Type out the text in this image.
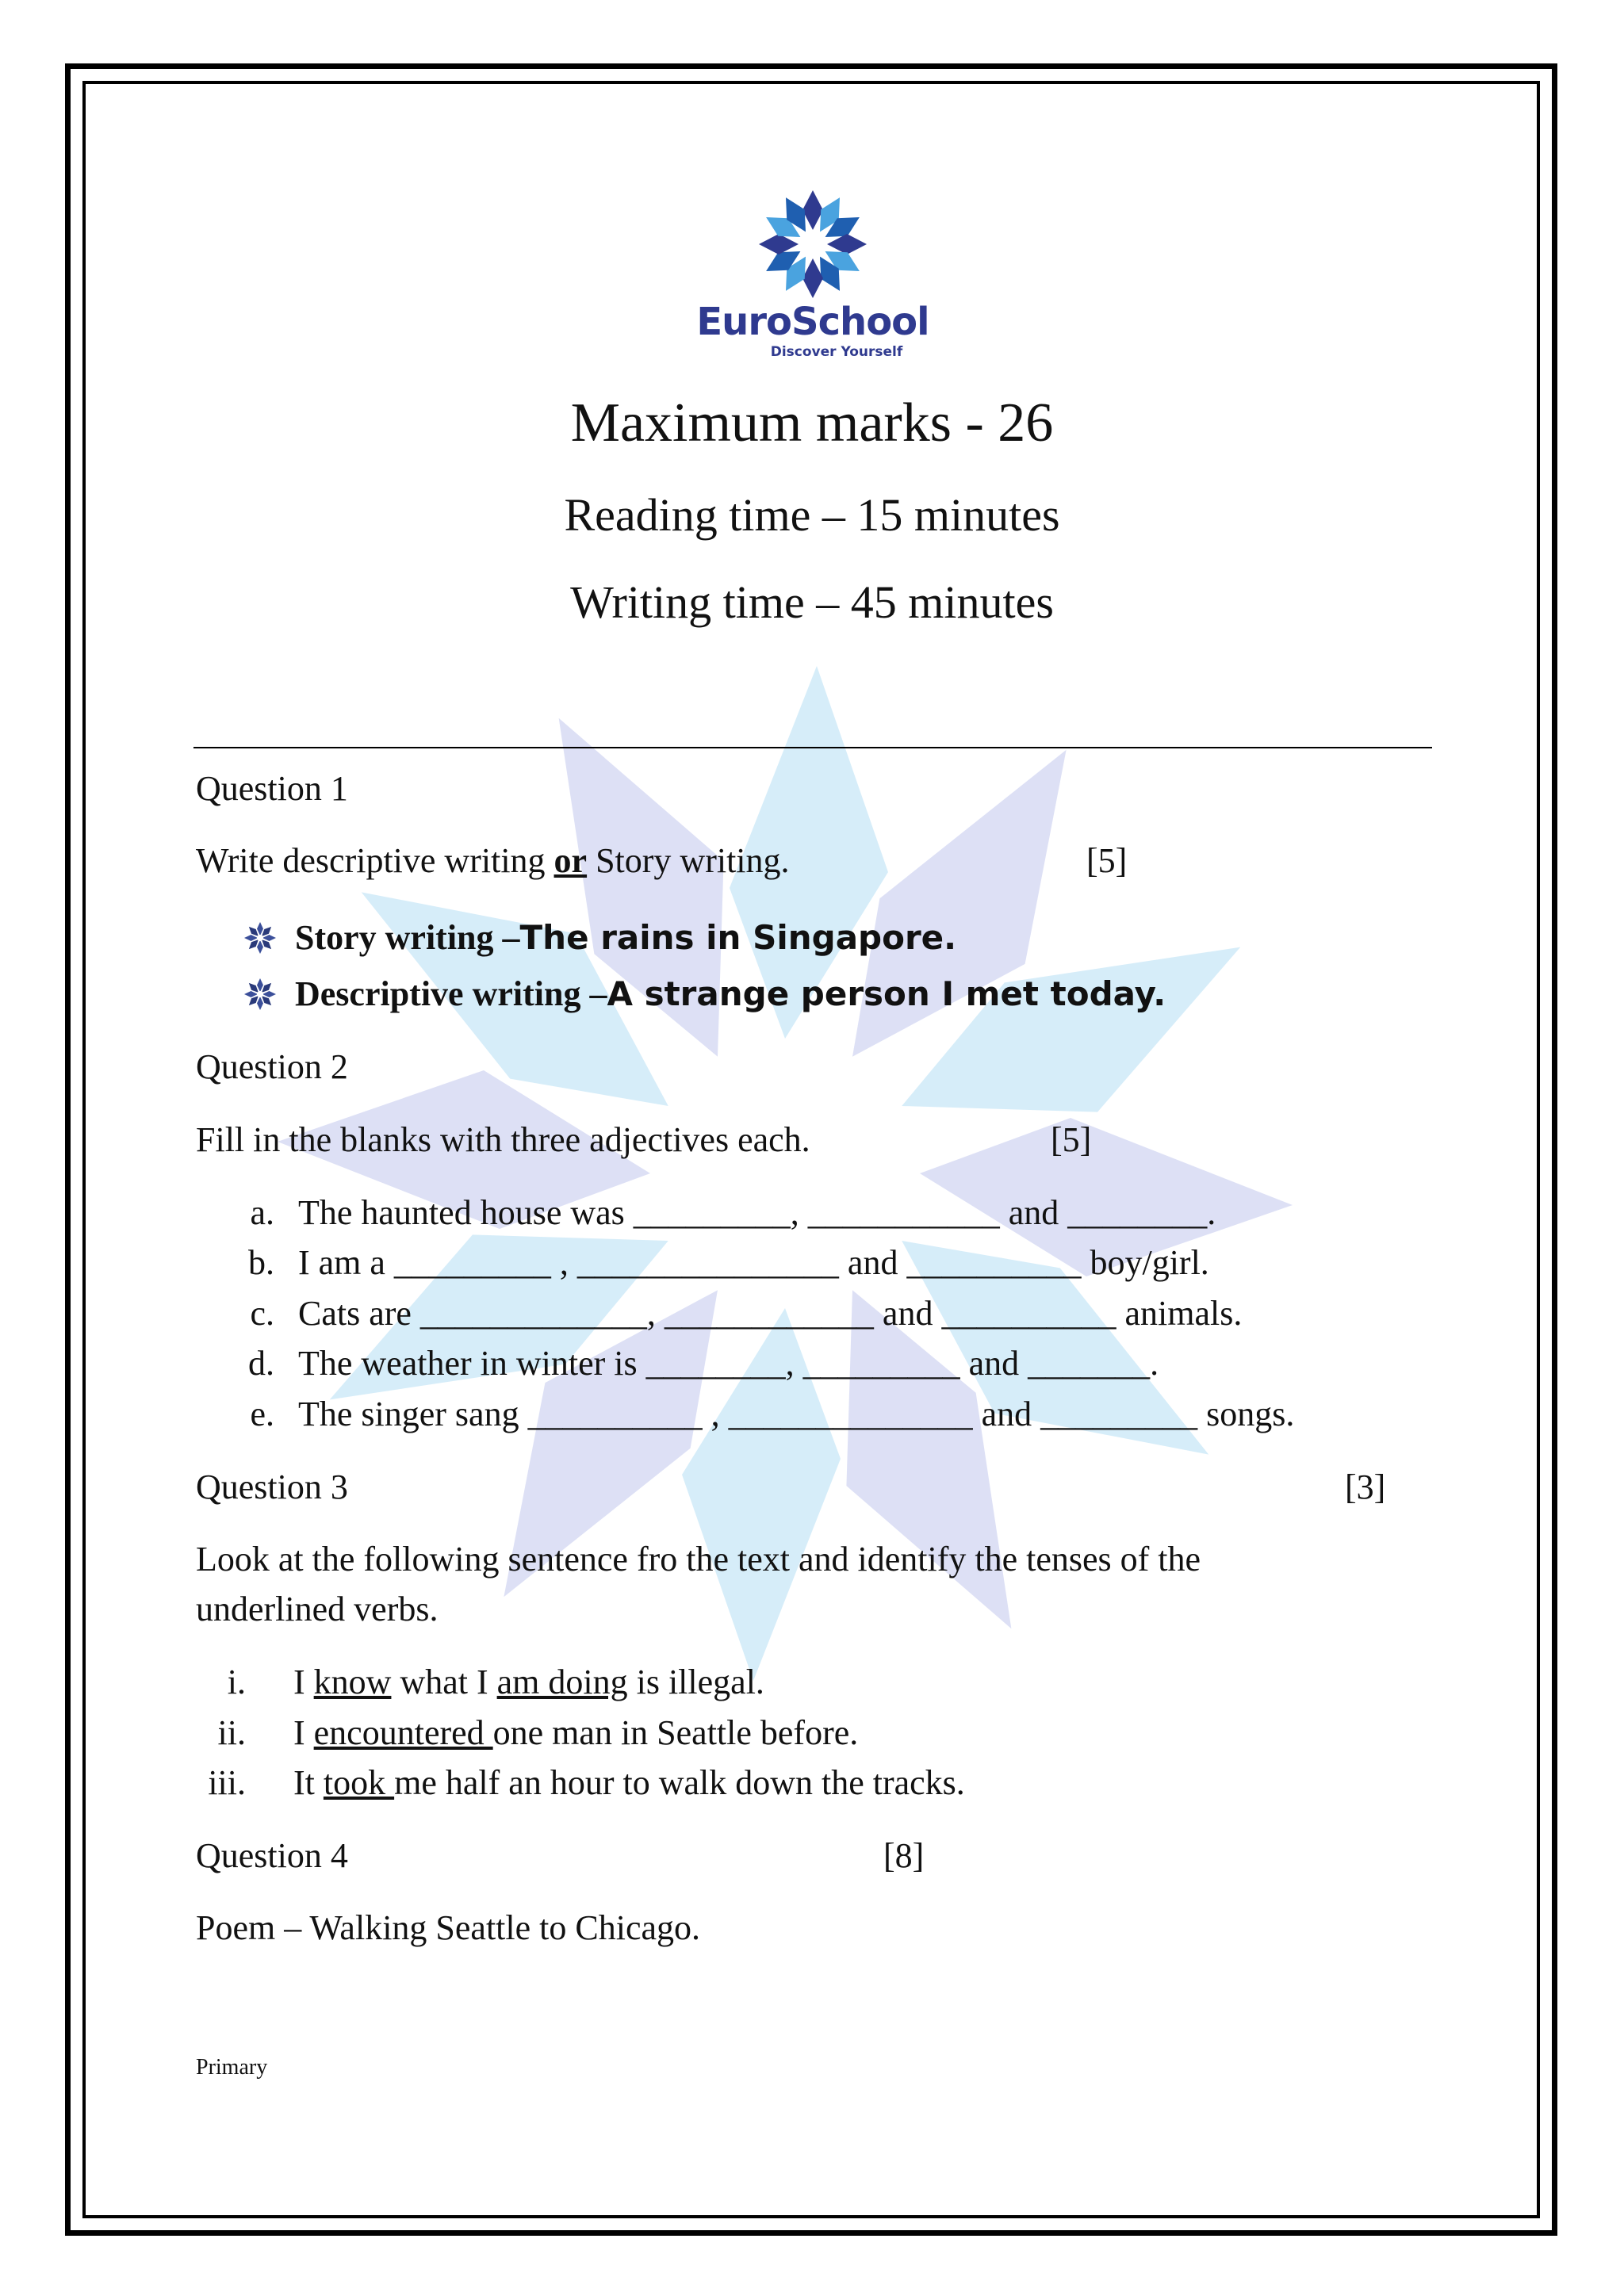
EuroSchool
Discover Yourself
Maximum marks - 26
Reading time – 15 minutes
Writing time – 45 minutes
Question 1
Write descriptive writing or Story writing.	[5]
Story writing – The rains in Singapore.
Descriptive writing – A strange person I met today.
Question 2
Fill in the blanks with three adjectives each.	[5]
a. The haunted house was _________, ___________ and ________.
b. I am a _________ , _______________ and __________ boy/girl.
c. Cats are _____________, ____________ and __________ animals.
d. The weather in winter is ________, _________ and _______.
e. The singer sang __________ , ______________ and _________ songs.
Question 3	[3]
Look at the following sentence fro the text and identify the tenses of the
underlined verbs.
i. I know what I am doing is illegal.
ii. I encountered one man in Seattle before.
iii. It took me half an hour to walk down the tracks.
Question 4	[8]
Poem – Walking Seattle to Chicago.
Primary
